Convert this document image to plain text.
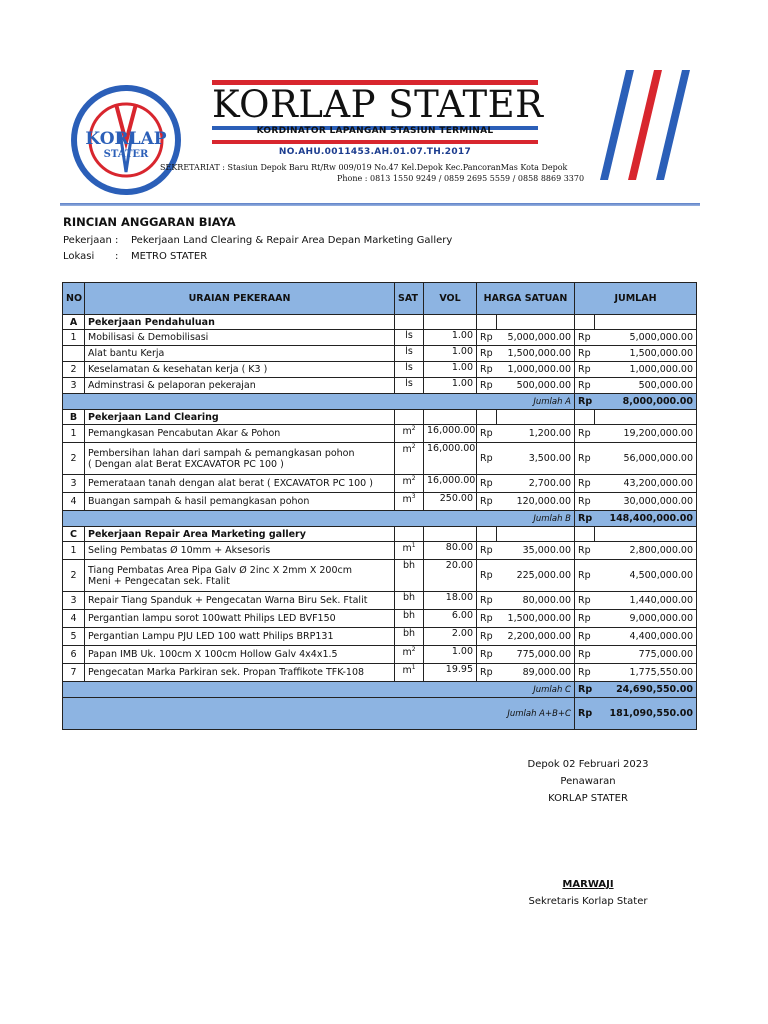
KORLAP
STATER
KORLAP STATER
KORDINATOR LAPANGAN STASIUN TERMINAL
NO.AHU.0011453.AH.01.07.TH.2017
SEKRETARIAT : Stasiun Depok Baru Rt/Rw 009/019 No.47 Kel.Depok Kec.PancoranMas Kota Depok
Phone : 0813 1550 9249 / 0859 2695 5559 / 0858 8869 3370
RINCIAN ANGGARAN BIAYA
Pekerjaan : Pekerjaan Land Clearing & Repair Area Depan Marketing Gallery
Lokasi : METRO STATER
NO	URAIAN PEKERAAN	SAT	VOL	HARGA SATUAN		JUMLAH	
A	Pekerjaan Pendahuluan						
1	Mobilisasi & Demobilisasi	ls	1.00	Rp	5,000,000.00	Rp	5,000,000.00

	Alat bantu Kerja	ls	1.00	Rp	1,500,000.00	Rp	1,500,000.00
2	Keselamatan & kesehatan kerja ( K3 )	ls	1.00	Rp	1,000,000.00	Rp	1,000,000.00
3	Adminstrasi & pelaporan pekerajan	ls	1.00	Rp	500,000.00	Rp	500,000.00
Jumlah A						Rp	8,000,000.00
B	Pekerjaan Land Clearing						
1	Pemangkasan Pencabutan Akar & Pohon	$m^2$	16,000.00	Rp	1,200.00	Rp	19,200,000.00
2	Pembersihan lahan dari sampah & pemangkasan pohon
( Dengan alat Berat EXCAVATOR PC 100 )	$m^2$	16,000.00	Rp	3,500.00	Rp	56,000,000.00
3	Pemerataan tanah dengan alat berat ( EXCAVATOR PC 100 )	$m^2$	16,000.00	Rp	2,700.00	Rp	43,200,000.00
4	Buangan sampah & hasil pemangkasan pohon	$m^3$	250.00	Rp	120,000.00	Rp	30,000,000.00
Jumlah B						Rp	148,400,000.00
C	Pekerjaan Repair Area Marketing gallery						
1	Seling Pembatas Ø 10mm + Aksesoris	$m^1$	80.00	Rp	35,000.00	Rp	2,800,000.00
2	Tiang Pembatas Area Pipa Galv Ø 2inc X 2mm X 200cm
Meni + Pengecatan sek. Ftalit	bh	20.00	Rp	225,000.00	Rp	4,500,000.00
3	Repair Tiang Spanduk + Pengecatan Warna Biru Sek. Ftalit	bh	18.00	Rp	80,000.00	Rp	1,440,000.00
4	Pergantian lampu sorot 100watt Philips LED BVF150	bh	6.00	Rp	1,500,000.00	Rp	9,000,000.00
5	Pergantian Lampu PJU LED 100 watt Philips BRP131	bh	2.00	Rp	2,200,000.00	Rp	4,400,000.00
6	Papan IMB Uk. 100cm X 100cm Hollow Galv 4x4x1.5	$m^2$	1.00	Rp	775,000.00	Rp	775,000.00
7	Pengecatan Marka Parkiran sek. Propan Traffikote TFK-108	$m^1$	19.95	Rp	89,000.00	Rp	1,775,550.00
Jumlah C						Rp	24,690,550.00
Jumlah A+B+C						Rp	181,090,550.00
Depok 02 Februari 2023
Penawaran
KORLAP STATER
MARWAJI
Sekretaris Korlap Stater
